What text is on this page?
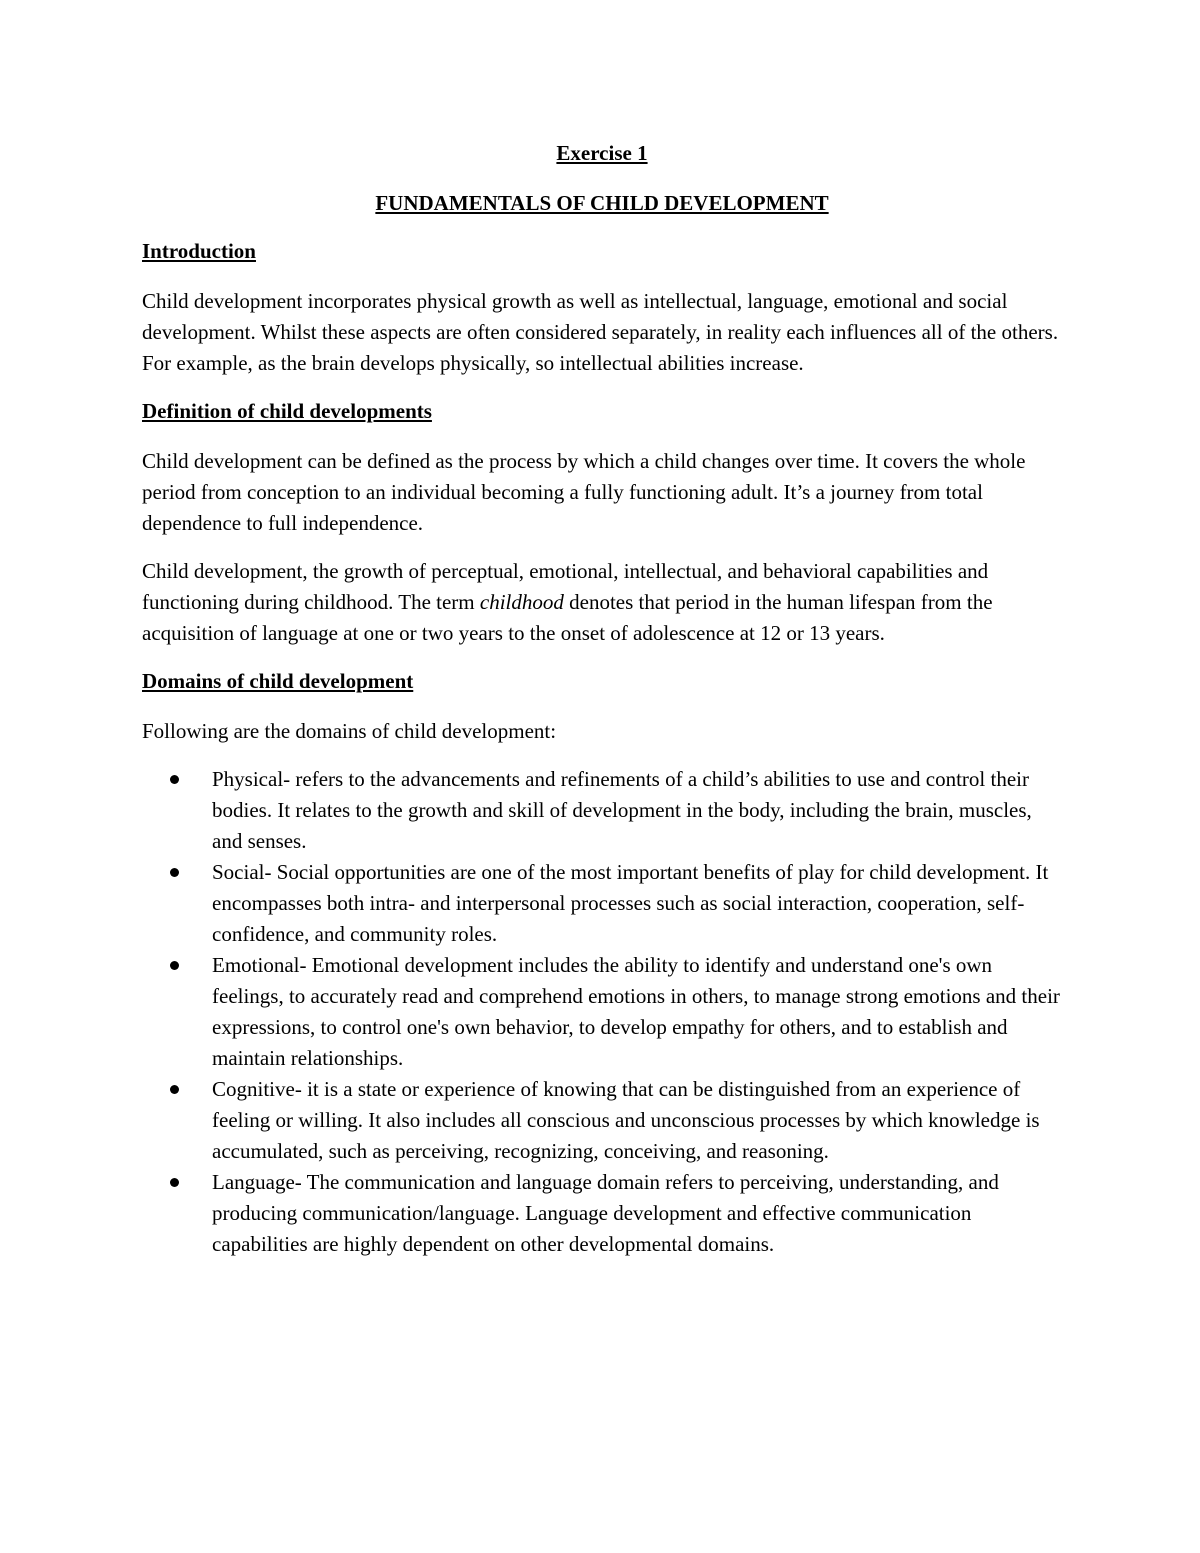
Exercise 1

FUNDAMENTALS OF CHILD DEVELOPMENT

Introduction

Child development incorporates physical growth as well as intellectual, language, emotional and social development. Whilst these aspects are often considered separately, in reality each influences all of the others. For example, as the brain develops physically, so intellectual abilities increase.

Definition of child developments

Child development can be defined as the process by which a child changes over time. It covers the whole period from conception to an individual becoming a fully functioning adult. It’s a journey from total dependence to full independence.

Child development, the growth of perceptual, emotional, intellectual, and behavioral capabilities and functioning during childhood. The term childhood denotes that period in the human lifespan from the acquisition of language at one or two years to the onset of adolescence at 12 or 13 years.

Domains of child development

Following are the domains of child development:

Physical- refers to the advancements and refinements of a child’s abilities to use and control their bodies. It relates to the growth and skill of development in the body, including the brain, muscles, and senses.
Social- Social opportunities are one of the most important benefits of play for child development. It encompasses both intra- and interpersonal processes such as social interaction, cooperation, self-confidence, and community roles.
Emotional- Emotional development includes the ability to identify and understand one's own feelings, to accurately read and comprehend emotions in others, to manage strong emotions and their expressions, to control one's own behavior, to develop empathy for others, and to establish and maintain relationships.
Cognitive- it is a state or experience of knowing that can be distinguished from an experience of feeling or willing. It also includes all conscious and unconscious processes by which knowledge is accumulated, such as perceiving, recognizing, conceiving, and reasoning.
Language- The communication and language domain refers to perceiving, understanding, and producing communication/language. Language development and effective communication capabilities are highly dependent on other developmental domains.
